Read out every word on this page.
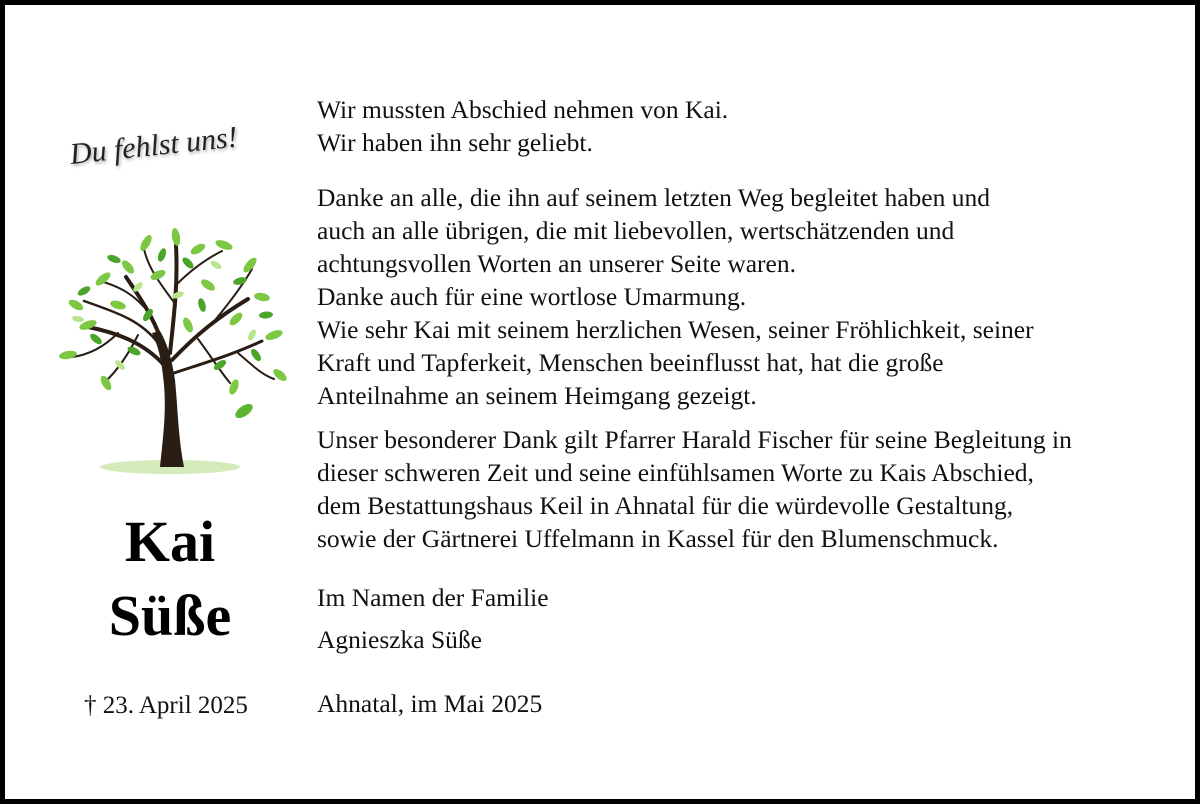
Du fehlst uns!
Kai
Süße
† 23. April 2025
Wir mussten Abschied nehmen von Kai.
Wir haben ihn sehr geliebt.
Danke an alle, die ihn auf seinem letzten Weg begleitet haben und
auch an alle übrigen, die mit liebevollen, wertschätzenden und
achtungsvollen Worten an unserer Seite waren.
Danke auch für eine wortlose Umarmung.
Wie sehr Kai mit seinem herzlichen Wesen, seiner Fröhlichkeit, seiner
Kraft und Tapferkeit, Menschen beeinflusst hat, hat die große
Anteilnahme an seinem Heimgang gezeigt.
Unser besonderer Dank gilt Pfarrer Harald Fischer für seine Begleitung in
dieser schweren Zeit und seine einfühlsamen Worte zu Kais Abschied,
dem Bestattungshaus Keil in Ahnatal für die würdevolle Gestaltung,
sowie der Gärtnerei Uffelmann in Kassel für den Blumenschmuck.
Im Namen der Familie
Agnieszka Süße
Ahnatal, im Mai 2025
